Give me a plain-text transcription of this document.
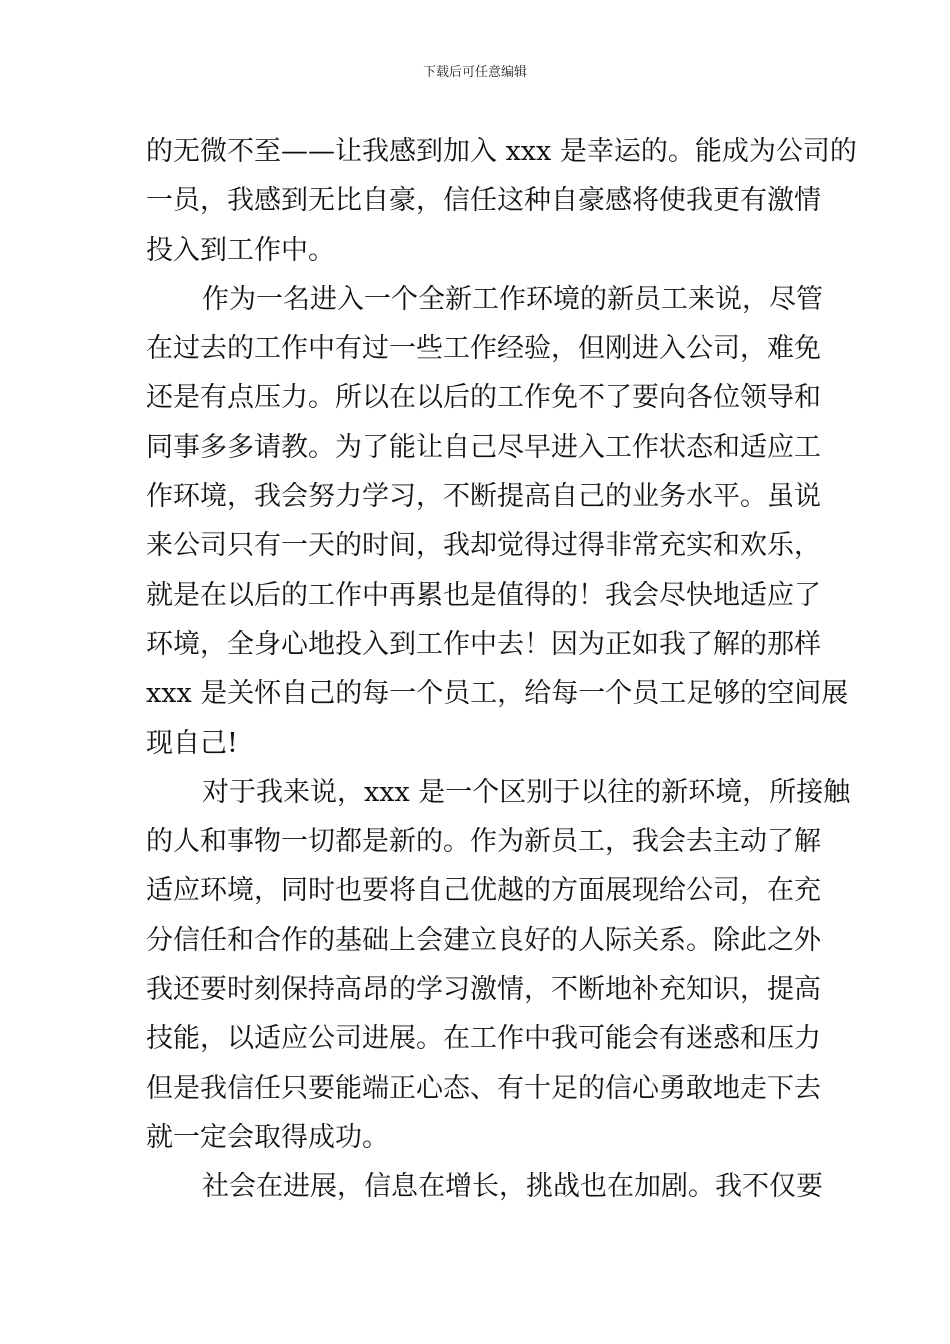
下载后可任意编辑
的无微不至——让我感到加入 xxx 是幸运的。能成为公司的
一员，我感到无比自豪，信任这种自豪感将使我更有激情
投入到工作中。
作为一名进入一个全新工作环境的新员工来说，尽管
在过去的工作中有过一些工作经验，但刚进入公司，难免
还是有点压力。所以在以后的工作免不了要向各位领导和
同事多多请教。为了能让自己尽早进入工作状态和适应工
作环境，我会努力学习，不断提高自己的业务水平。虽说
来公司只有一天的时间，我却觉得过得非常充实和欢乐，
就是在以后的工作中再累也是值得的！我会尽快地适应了
环境，全身心地投入到工作中去！因为正如我了解的那样
xxx 是关怀自己的每一个员工，给每一个员工足够的空间展
现自己!
对于我来说，xxx 是一个区别于以往的新环境，所接触
的人和事物一切都是新的。作为新员工，我会去主动了解
适应环境，同时也要将自己优越的方面展现给公司，在充
分信任和合作的基础上会建立良好的人际关系。除此之外
我还要时刻保持高昂的学习激情，不断地补充知识，提高
技能，以适应公司进展。在工作中我可能会有迷惑和压力
但是我信任只要能端正心态、有十足的信心勇敢地走下去
就一定会取得成功。
社会在进展，信息在增长，挑战也在加剧。我不仅要
